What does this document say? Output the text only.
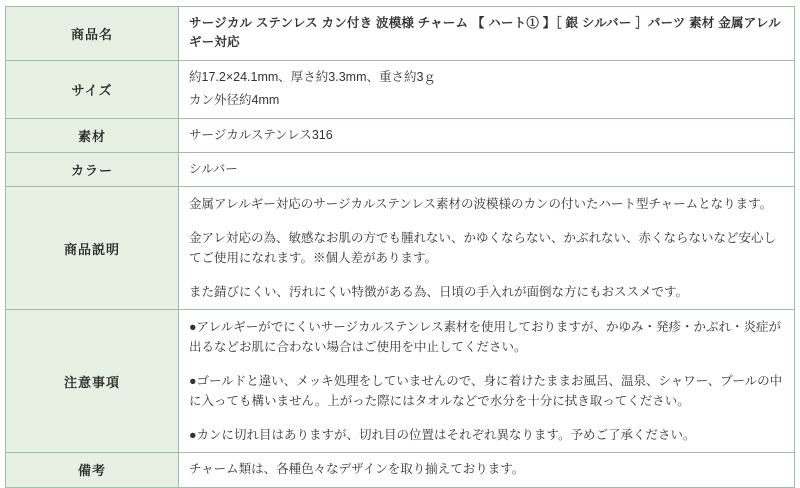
商品名	サージカル ステンレス カン付き 波模様 チャーム 【 ハート① 】［ 銀 シルバー ］パーツ 素材 金属アレルギー対応

サイズ	約17.2×24.1mm、厚さ約3.3mm、重さ約3ｇ

カン外径約4mm

素材	サージカルステンレス316

カラー	シルバー

商品説明	金属アレルギー対応のサージカルステンレス素材の波模様のカンの付いたハート型チャームとなります。

金アレ対応の為、敏感なお肌の方でも腫れない、かゆくならない、かぶれない、赤くならないなど安心してご使用になれます。※個人差があります。

また錆びにくい、汚れにくい特徴がある為、日頃の手入れが面倒な方にもおススメです。

注意事項	●アレルギーがでにくいサージカルステンレス素材を使用しておりますが、かゆみ・発疹・かぶれ・炎症が出るなどお肌に合わない場合はご使用を中止してください。

●ゴールドと違い、メッキ処理をしていませんので、身に着けたままお風呂、温泉、シャワー、プールの中に入っても構いません。上がった際にはタオルなどで水分を十分に拭き取ってください。

●カンに切れ目はありますが、切れ目の位置はそれぞれ異なります。予めご了承ください。

備考	チャーム類は、各種色々なデザインを取り揃えております。
